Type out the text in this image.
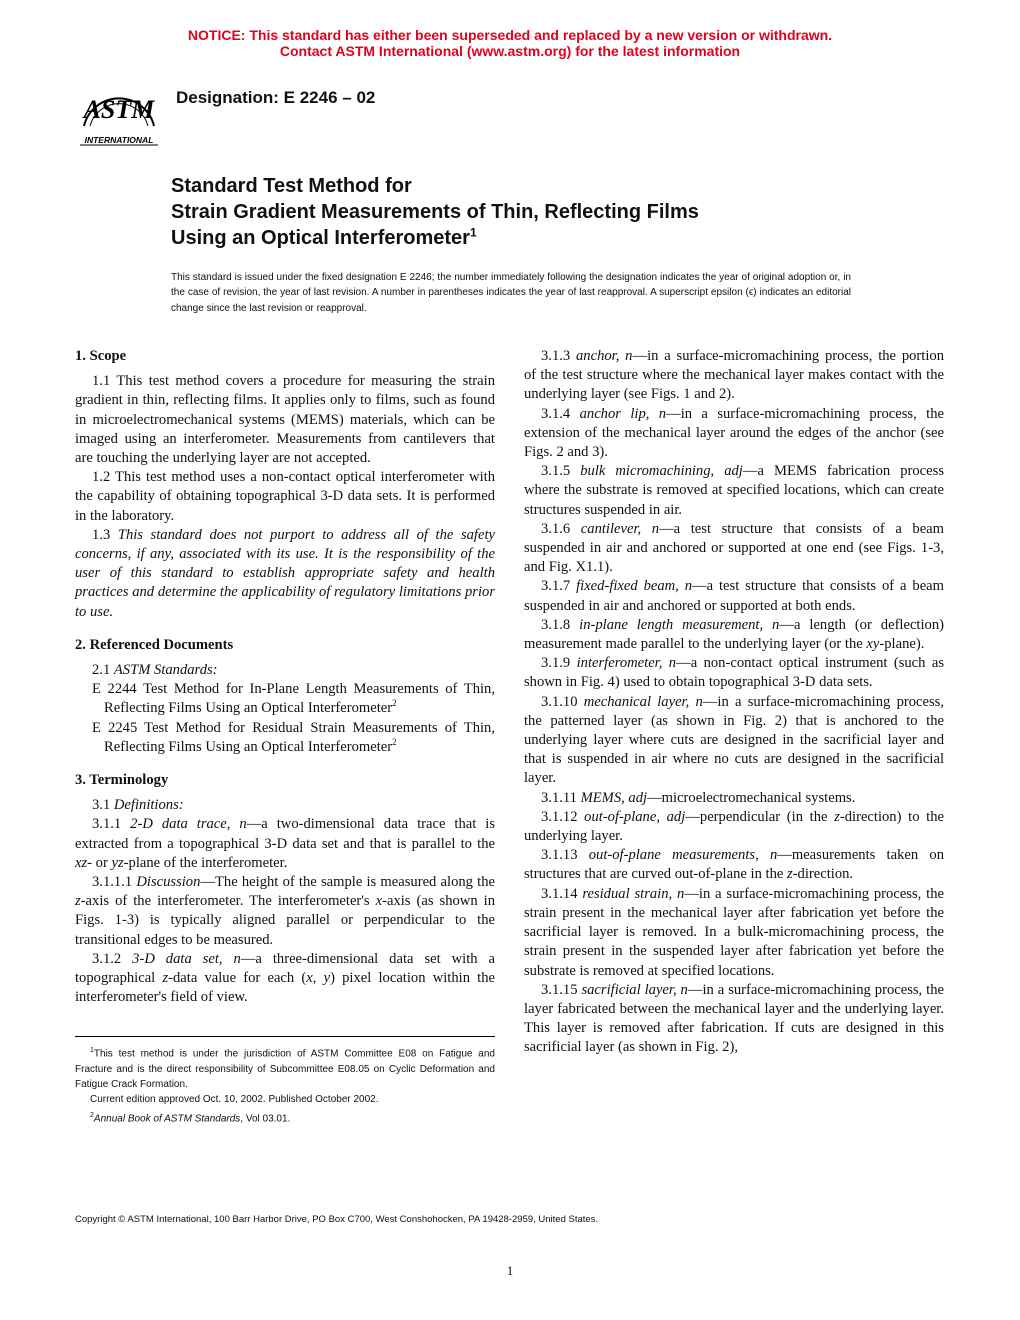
NOTICE: This standard has either been superseded and replaced by a new version or withdrawn.
Contact ASTM International (www.astm.org) for the latest information
ASTM
INTERNATIONAL
Designation: E 2246 – 02
Standard Test Method for
Strain Gradient Measurements of Thin, Reflecting Films
Using an Optical Interferometer$^1$
This standard is issued under the fixed designation E 2246; the number immediately following the designation indicates the year of original adoption or, in the case of revision, the year of last revision. A number in parentheses indicates the year of last reapproval. A superscript epsilon (ϵ) indicates an editorial change since the last revision or reapproval.
1. Scope

1.1 This test method covers a procedure for measuring the strain gradient in thin, reflecting films. It applies only to films, such as found in microelectromechanical systems (MEMS) materials, which can be imaged using an interferometer. Measurements from cantilevers that are touching the underlying layer are not accepted.

1.2 This test method uses a non-contact optical interferometer with the capability of obtaining topographical 3-D data sets. It is performed in the laboratory.

1.3 This standard does not purport to address all of the safety concerns, if any, associated with its use. It is the responsibility of the user of this standard to establish appropriate safety and health practices and determine the applicability of regulatory limitations prior to use.

2. Referenced Documents

2.1 ASTM Standards:

E 2244 Test Method for In-Plane Length Measurements of Thin, Reflecting Films Using an Optical Interferometer$^2$

E 2245 Test Method for Residual Strain Measurements of Thin, Reflecting Films Using an Optical Interferometer$^2$

3. Terminology

3.1 Definitions:

3.1.1 2-D data trace, n—a two-dimensional data trace that is extracted from a topographical 3-D data set and that is parallel to the xz- or yz-plane of the interferometer.

3.1.1.1 Discussion—The height of the sample is measured along the z-axis of the interferometer. The interferometer's x-axis (as shown in Figs. 1-3) is typically aligned parallel or perpendicular to the transitional edges to be measured.

3.1.2 3-D data set, n—a three-dimensional data set with a topographical z-data value for each (x, y) pixel location within the interferometer's field of view.

3.1.3 anchor, n—in a surface-micromachining process, the portion of the test structure where the mechanical layer makes contact with the underlying layer (see Figs. 1 and 2).

3.1.4 anchor lip, n—in a surface-micromachining process, the extension of the mechanical layer around the edges of the anchor (see Figs. 2 and 3).

3.1.5 bulk micromachining, adj—a MEMS fabrication process where the substrate is removed at specified locations, which can create structures suspended in air.

3.1.6 cantilever, n—a test structure that consists of a beam suspended in air and anchored or supported at one end (see Figs. 1-3, and Fig. X1.1).

3.1.7 fixed-fixed beam, n—a test structure that consists of a beam suspended in air and anchored or supported at both ends.

3.1.8 in-plane length measurement, n—a length (or deflection) measurement made parallel to the underlying layer (or the xy-plane).

3.1.9 interferometer, n—a non-contact optical instrument (such as shown in Fig. 4) used to obtain topographical 3-D data sets.

3.1.10 mechanical layer, n—in a surface-micromachining process, the patterned layer (as shown in Fig. 2) that is anchored to the underlying layer where cuts are designed in the sacrificial layer and that is suspended in air where no cuts are designed in the sacrificial layer.

3.1.11 MEMS, adj—microelectromechanical systems.

3.1.12 out-of-plane, adj—perpendicular (in the z-direction) to the underlying layer.

3.1.13 out-of-plane measurements, n—measurements taken on structures that are curved out-of-plane in the z-direction.

3.1.14 residual strain, n—in a surface-micromachining process, the strain present in the mechanical layer after fabrication yet before the sacrificial layer is removed. In a bulk-micromachining process, the strain present in the suspended layer after fabrication yet before the substrate is removed at specified locations.

3.1.15 sacrificial layer, n—in a surface-micromachining process, the layer fabricated between the mechanical layer and the underlying layer. This layer is removed after fabrication. If cuts are designed in this sacrificial layer (as shown in Fig. 2),

$^1$This test method is under the jurisdiction of ASTM Committee E08 on Fatigue and Fracture and is the direct responsibility of Subcommittee E08.05 on Cyclic Deformation and Fatigue Crack Formation.

Current edition approved Oct. 10, 2002. Published October 2002.

$^2$Annual Book of ASTM Standards, Vol 03.01.

Copyright © ASTM International, 100 Barr Harbor Drive, PO Box C700, West Conshohocken, PA 19428-2959, United States.
1
